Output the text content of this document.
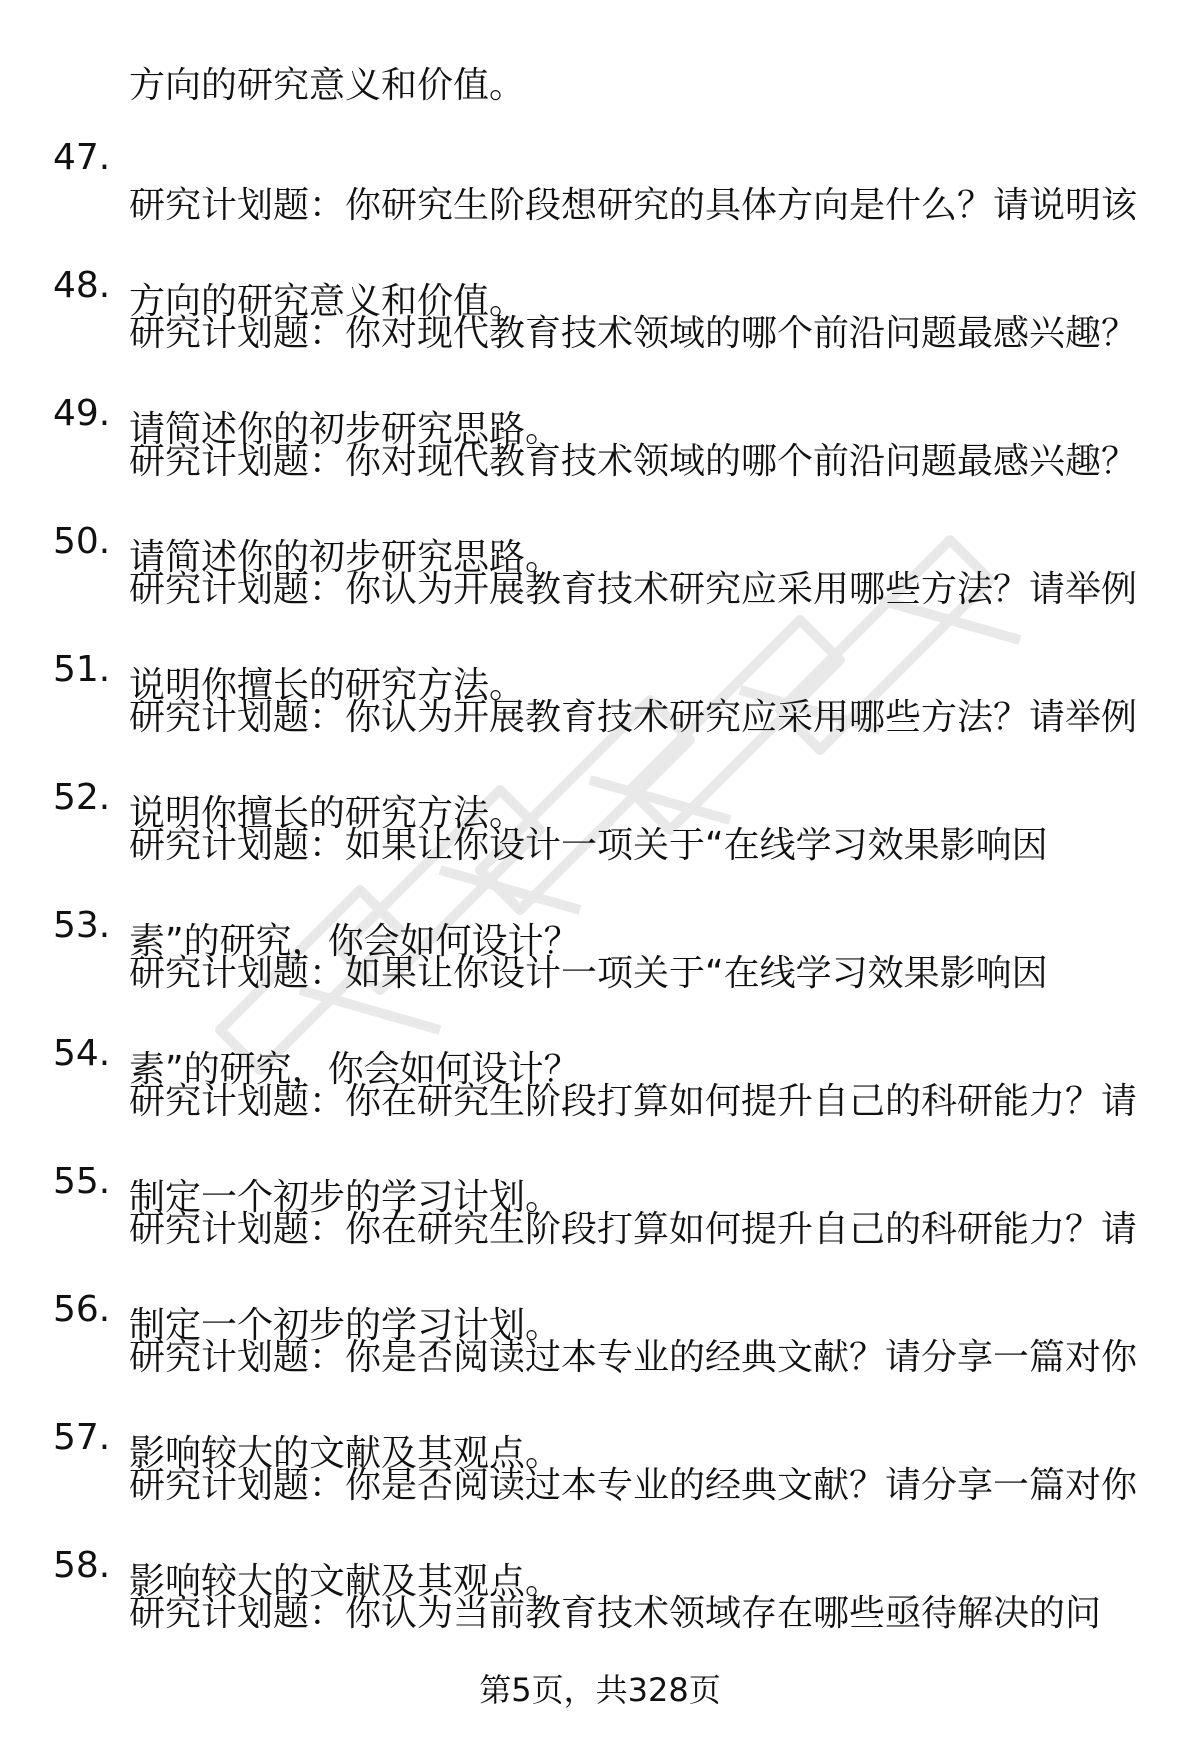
方向的研究意义和价值。
47.

研究计划题：你研究生阶段想研究的具体方向是什么？请说明该

方向的研究意义和价值。

48.

研究计划题：你对现代教育技术领域的哪个前沿问题最感兴趣？

请简述你的初步研究思路。

49.

研究计划题：你对现代教育技术领域的哪个前沿问题最感兴趣？

请简述你的初步研究思路。

50.

研究计划题：你认为开展教育技术研究应采用哪些方法？请举例

说明你擅长的研究方法。

51.

研究计划题：你认为开展教育技术研究应采用哪些方法？请举例

说明你擅长的研究方法。

52.

研究计划题：如果让你设计一项关于“在线学习效果影响因

素”的研究，你会如何设计？

53.

研究计划题：如果让你设计一项关于“在线学习效果影响因

素”的研究，你会如何设计？

54.

研究计划题：你在研究生阶段打算如何提升自己的科研能力？请

制定一个初步的学习计划。

55.

研究计划题：你在研究生阶段打算如何提升自己的科研能力？请

制定一个初步的学习计划。

56.

研究计划题：你是否阅读过本专业的经典文献？请分享一篇对你

影响较大的文献及其观点。

57.

研究计划题：你是否阅读过本专业的经典文献？请分享一篇对你

影响较大的文献及其观点。

58.

研究计划题：你认为当前教育技术领域存在哪些亟待解决的问

第5页，共328页
